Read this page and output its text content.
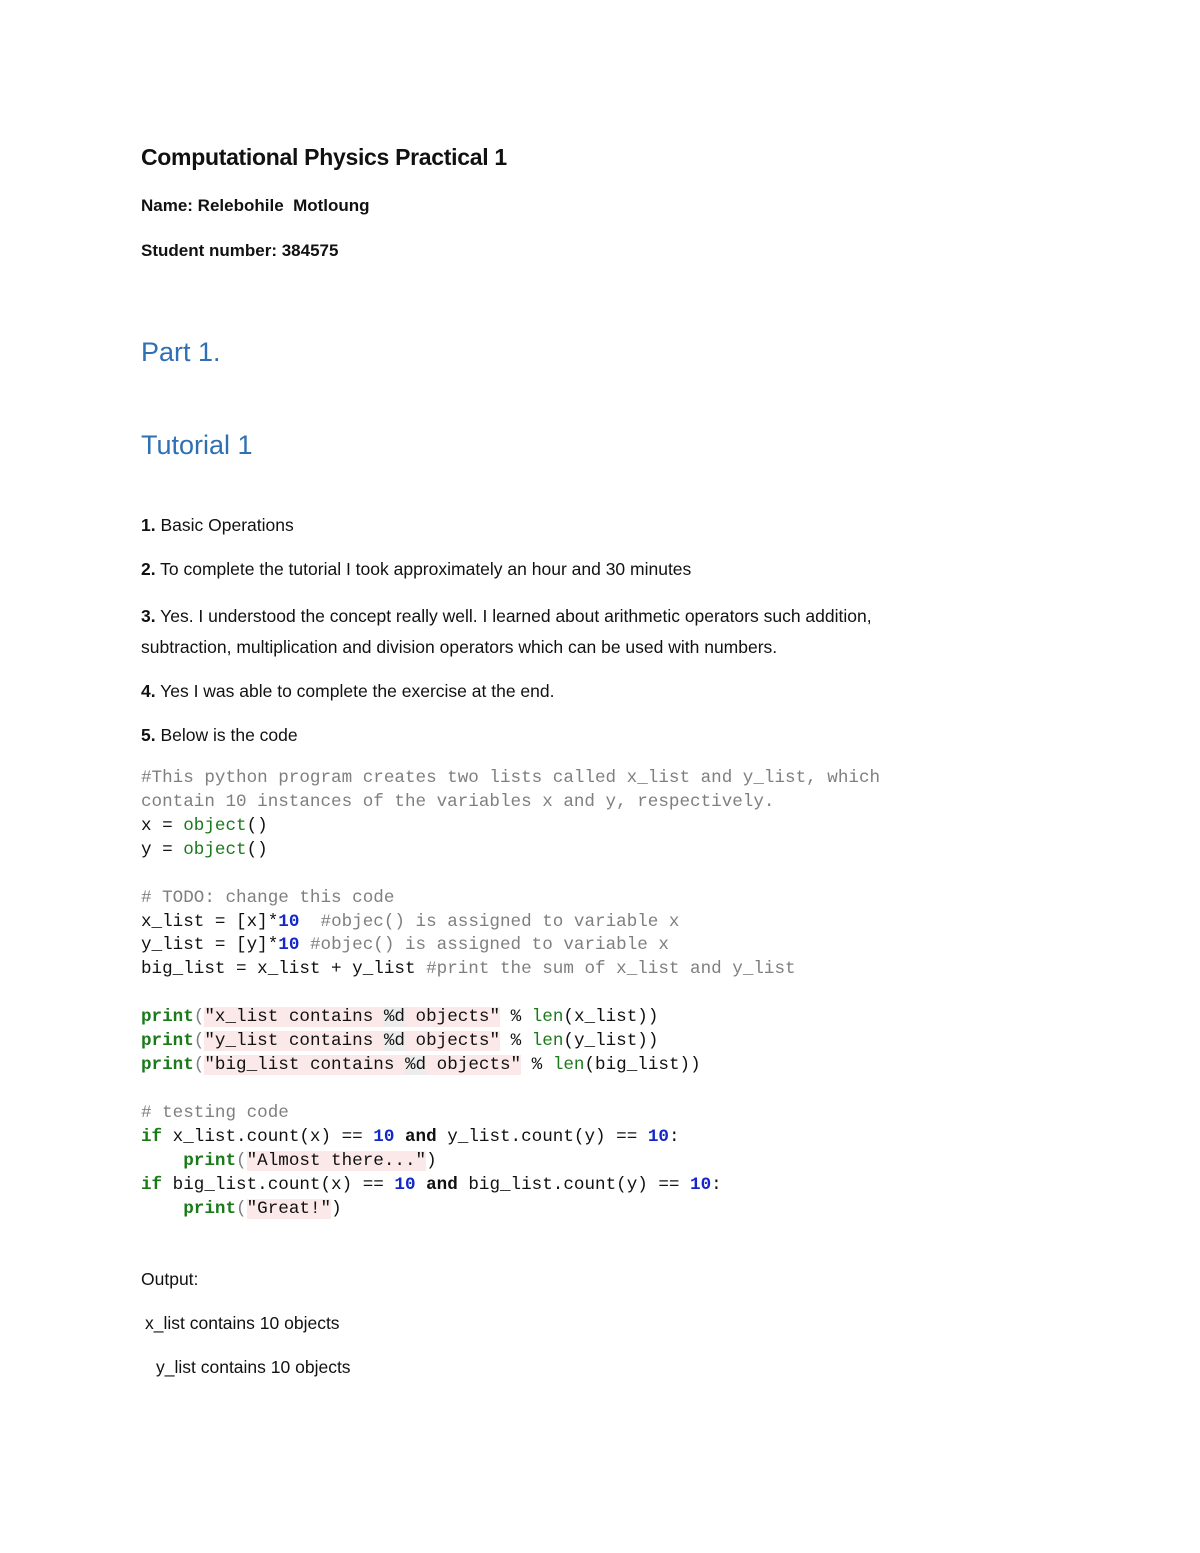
Computational Physics Practical 1
Name: Relebohile  Motloung
Student number: 384575
Part 1.
Tutorial 1
1. Basic Operations
2. To complete the tutorial I took approximately an hour and 30 minutes
3. Yes. I understood the concept really well. I learned about arithmetic operators such addition,
subtraction, multiplication and division operators which can be used with numbers.
4. Yes I was able to complete the exercise at the end.
5. Below is the code
#This python program creates two lists called x_list and y_list, which
contain 10 instances of the variables x and y, respectively.
x = object()
y = object()
# TODO: change this code
x_list = [x]*10  #objec() is assigned to variable x
y_list = [y]*10 #objec() is assigned to variable x
big_list = x_list + y_list #print the sum of x_list and y_list
print("x_list contains %d objects" % len(x_list))
print("y_list contains %d objects" % len(y_list))
print("big_list contains %d objects" % len(big_list))
# testing code
if x_list.count(x) == 10 and y_list.count(y) == 10:
print("Almost there...")
if big_list.count(x) == 10 and big_list.count(y) == 10:
print("Great!")
Output:
x_list contains 10 objects
y_list contains 10 objects
